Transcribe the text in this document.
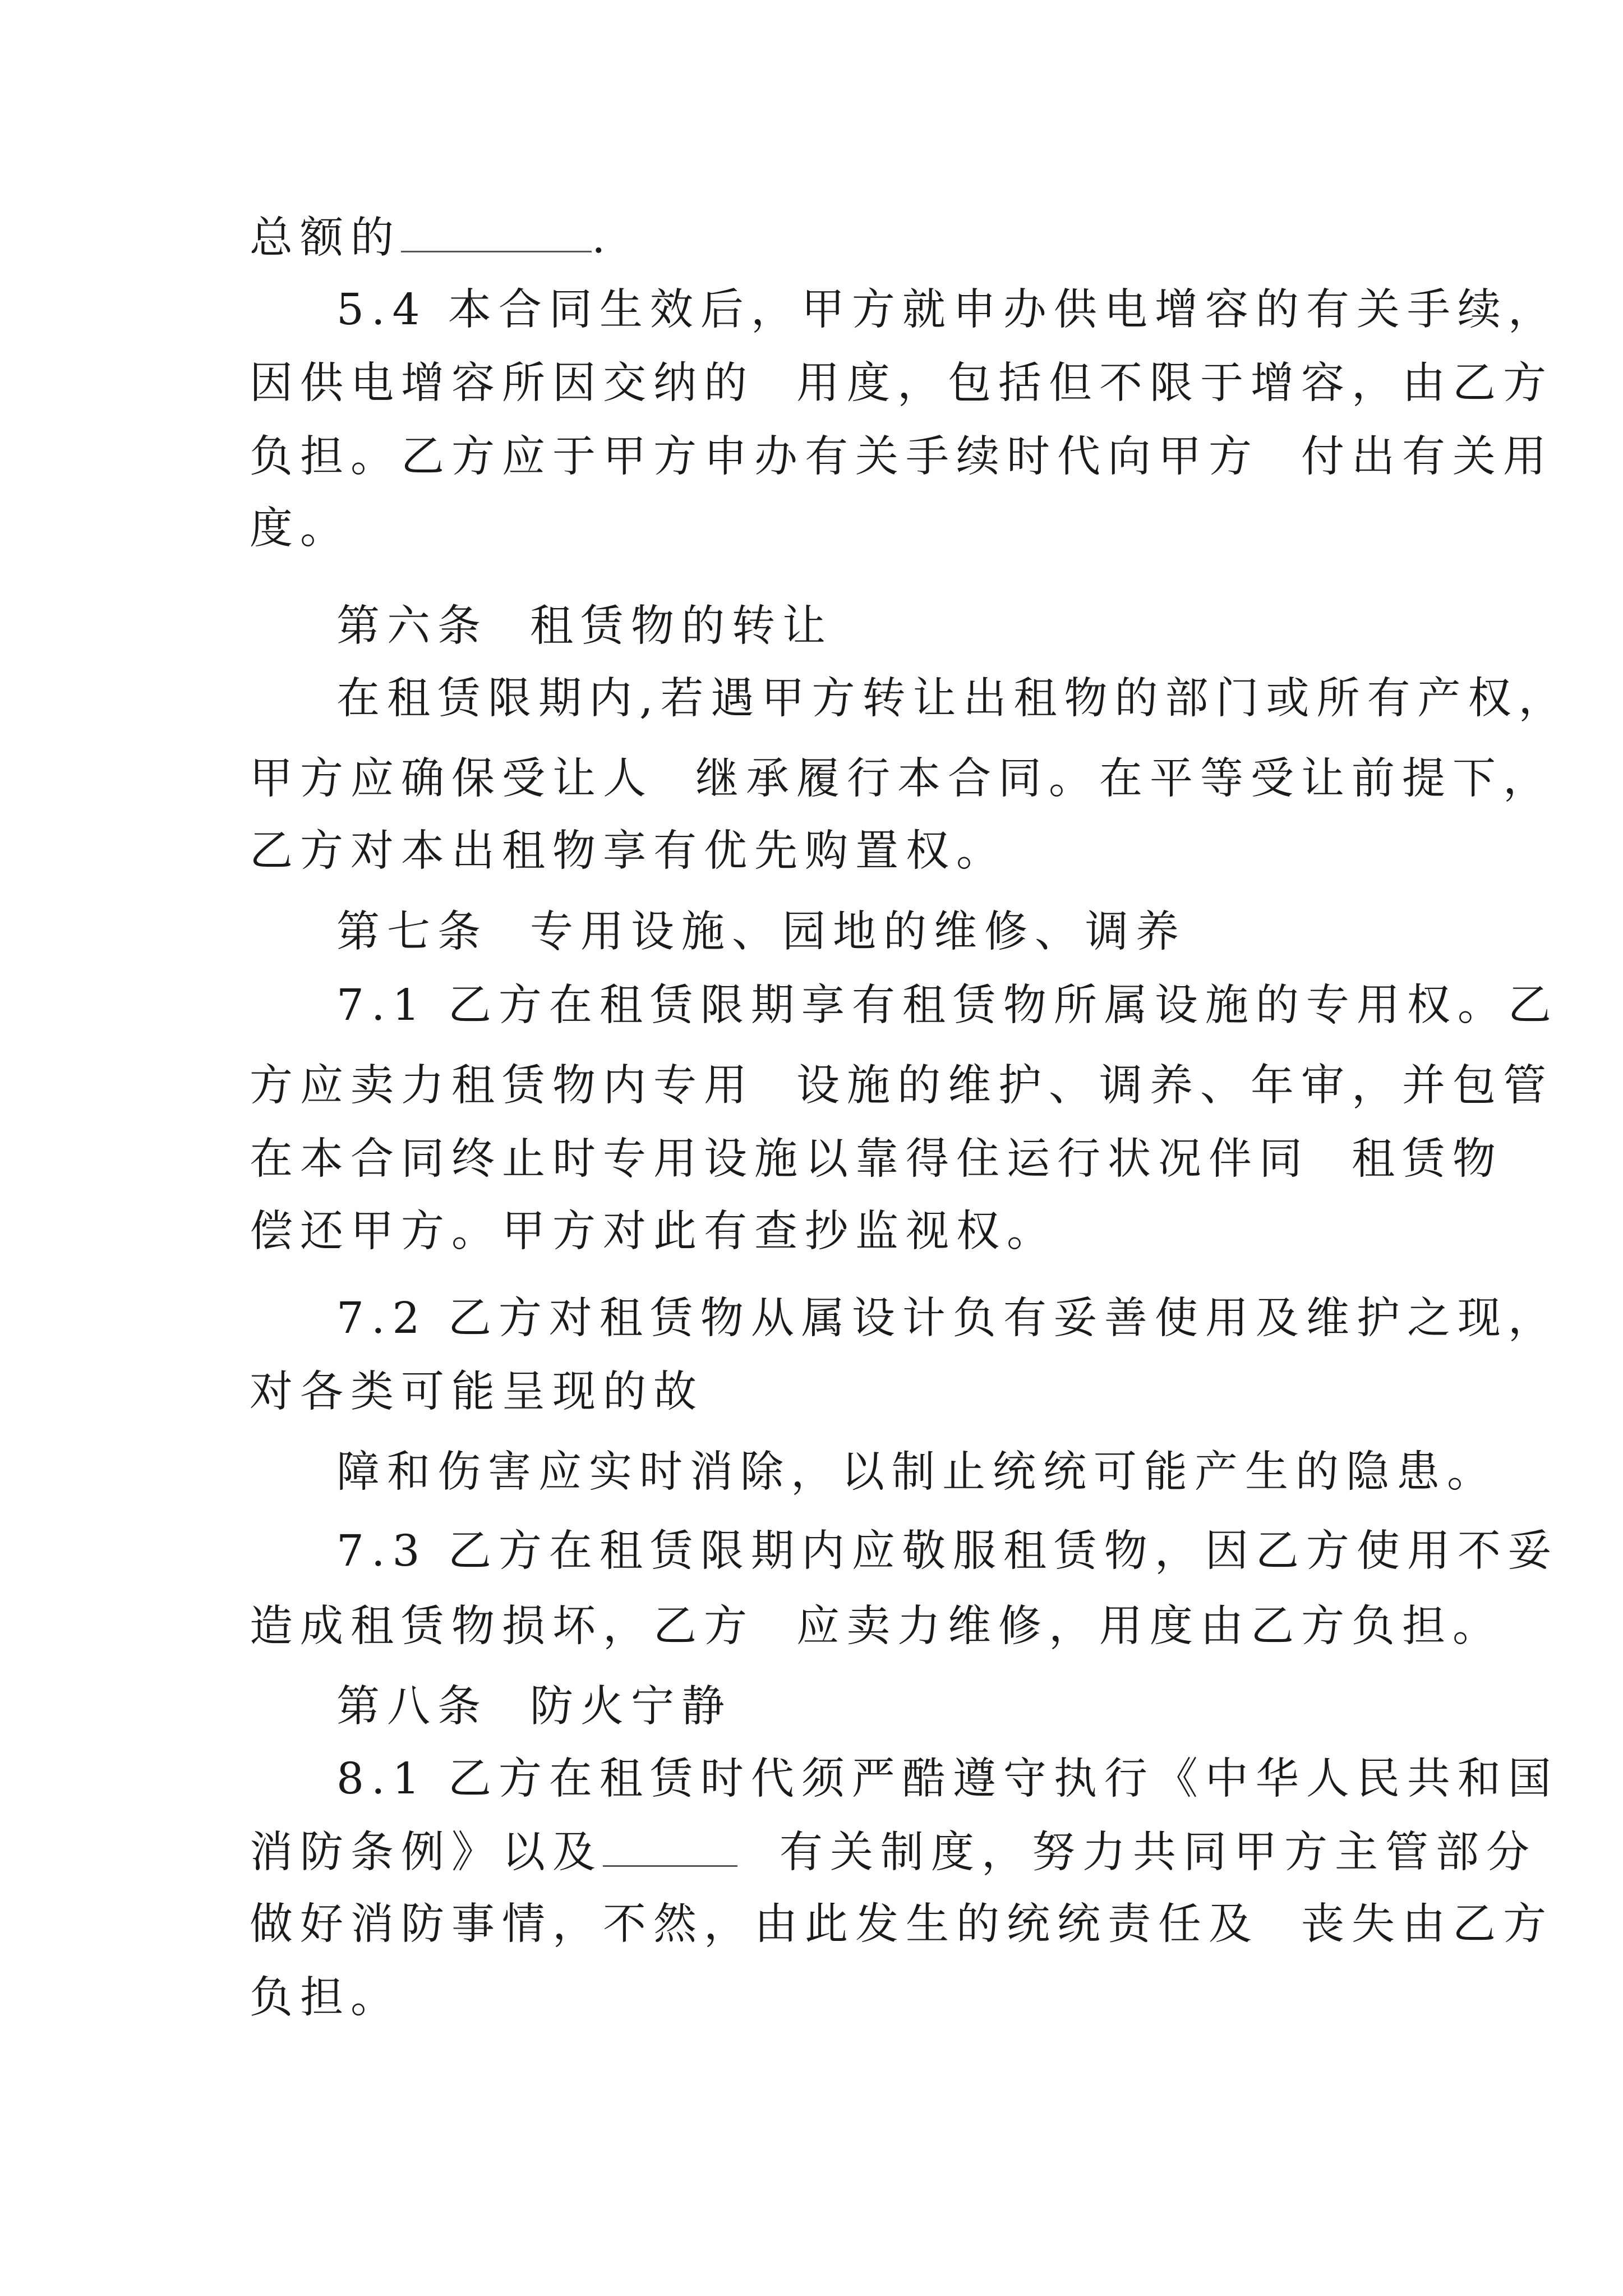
总额的	.
5.4 本合同生效后，甲方就申办供电增容的有关手续，
因供电增容所因交纳的  用度，包括但不限于增容，由乙方
负担。乙方应于甲方申办有关手续时代向甲方  付出有关用
度。
第六条  租赁物的转让
在租赁限期内,若遇甲方转让出租物的部门或所有产权，
甲方应确保受让人  继承履行本合同。在平等受让前提下，
乙方对本出租物享有优先购置权。
第七条  专用设施、园地的维修、调养
7.1 乙方在租赁限期享有租赁物所属设施的专用权。乙
方应卖力租赁物内专用  设施的维护、调养、年审，并包管
在本合同终止时专用设施以靠得住运行状况伴同  租赁物
偿还甲方。甲方对此有查抄监视权。
7.2 乙方对租赁物从属设计负有妥善使用及维护之现，
对各类可能呈现的故
障和伤害应实时消除，以制止统统可能产生的隐患。
7.3 乙方在租赁限期内应敬服租赁物，因乙方使用不妥
造成租赁物损坏，乙方  应卖力维修，用度由乙方负担。
第八条  防火宁静
8.1 乙方在租赁时代须严酷遵守执行《中华人民共和国
消防条例》以及	有关制度，努力共同甲方主管部分
做好消防事情，不然，由此发生的统统责任及  丧失由乙方
负担。
